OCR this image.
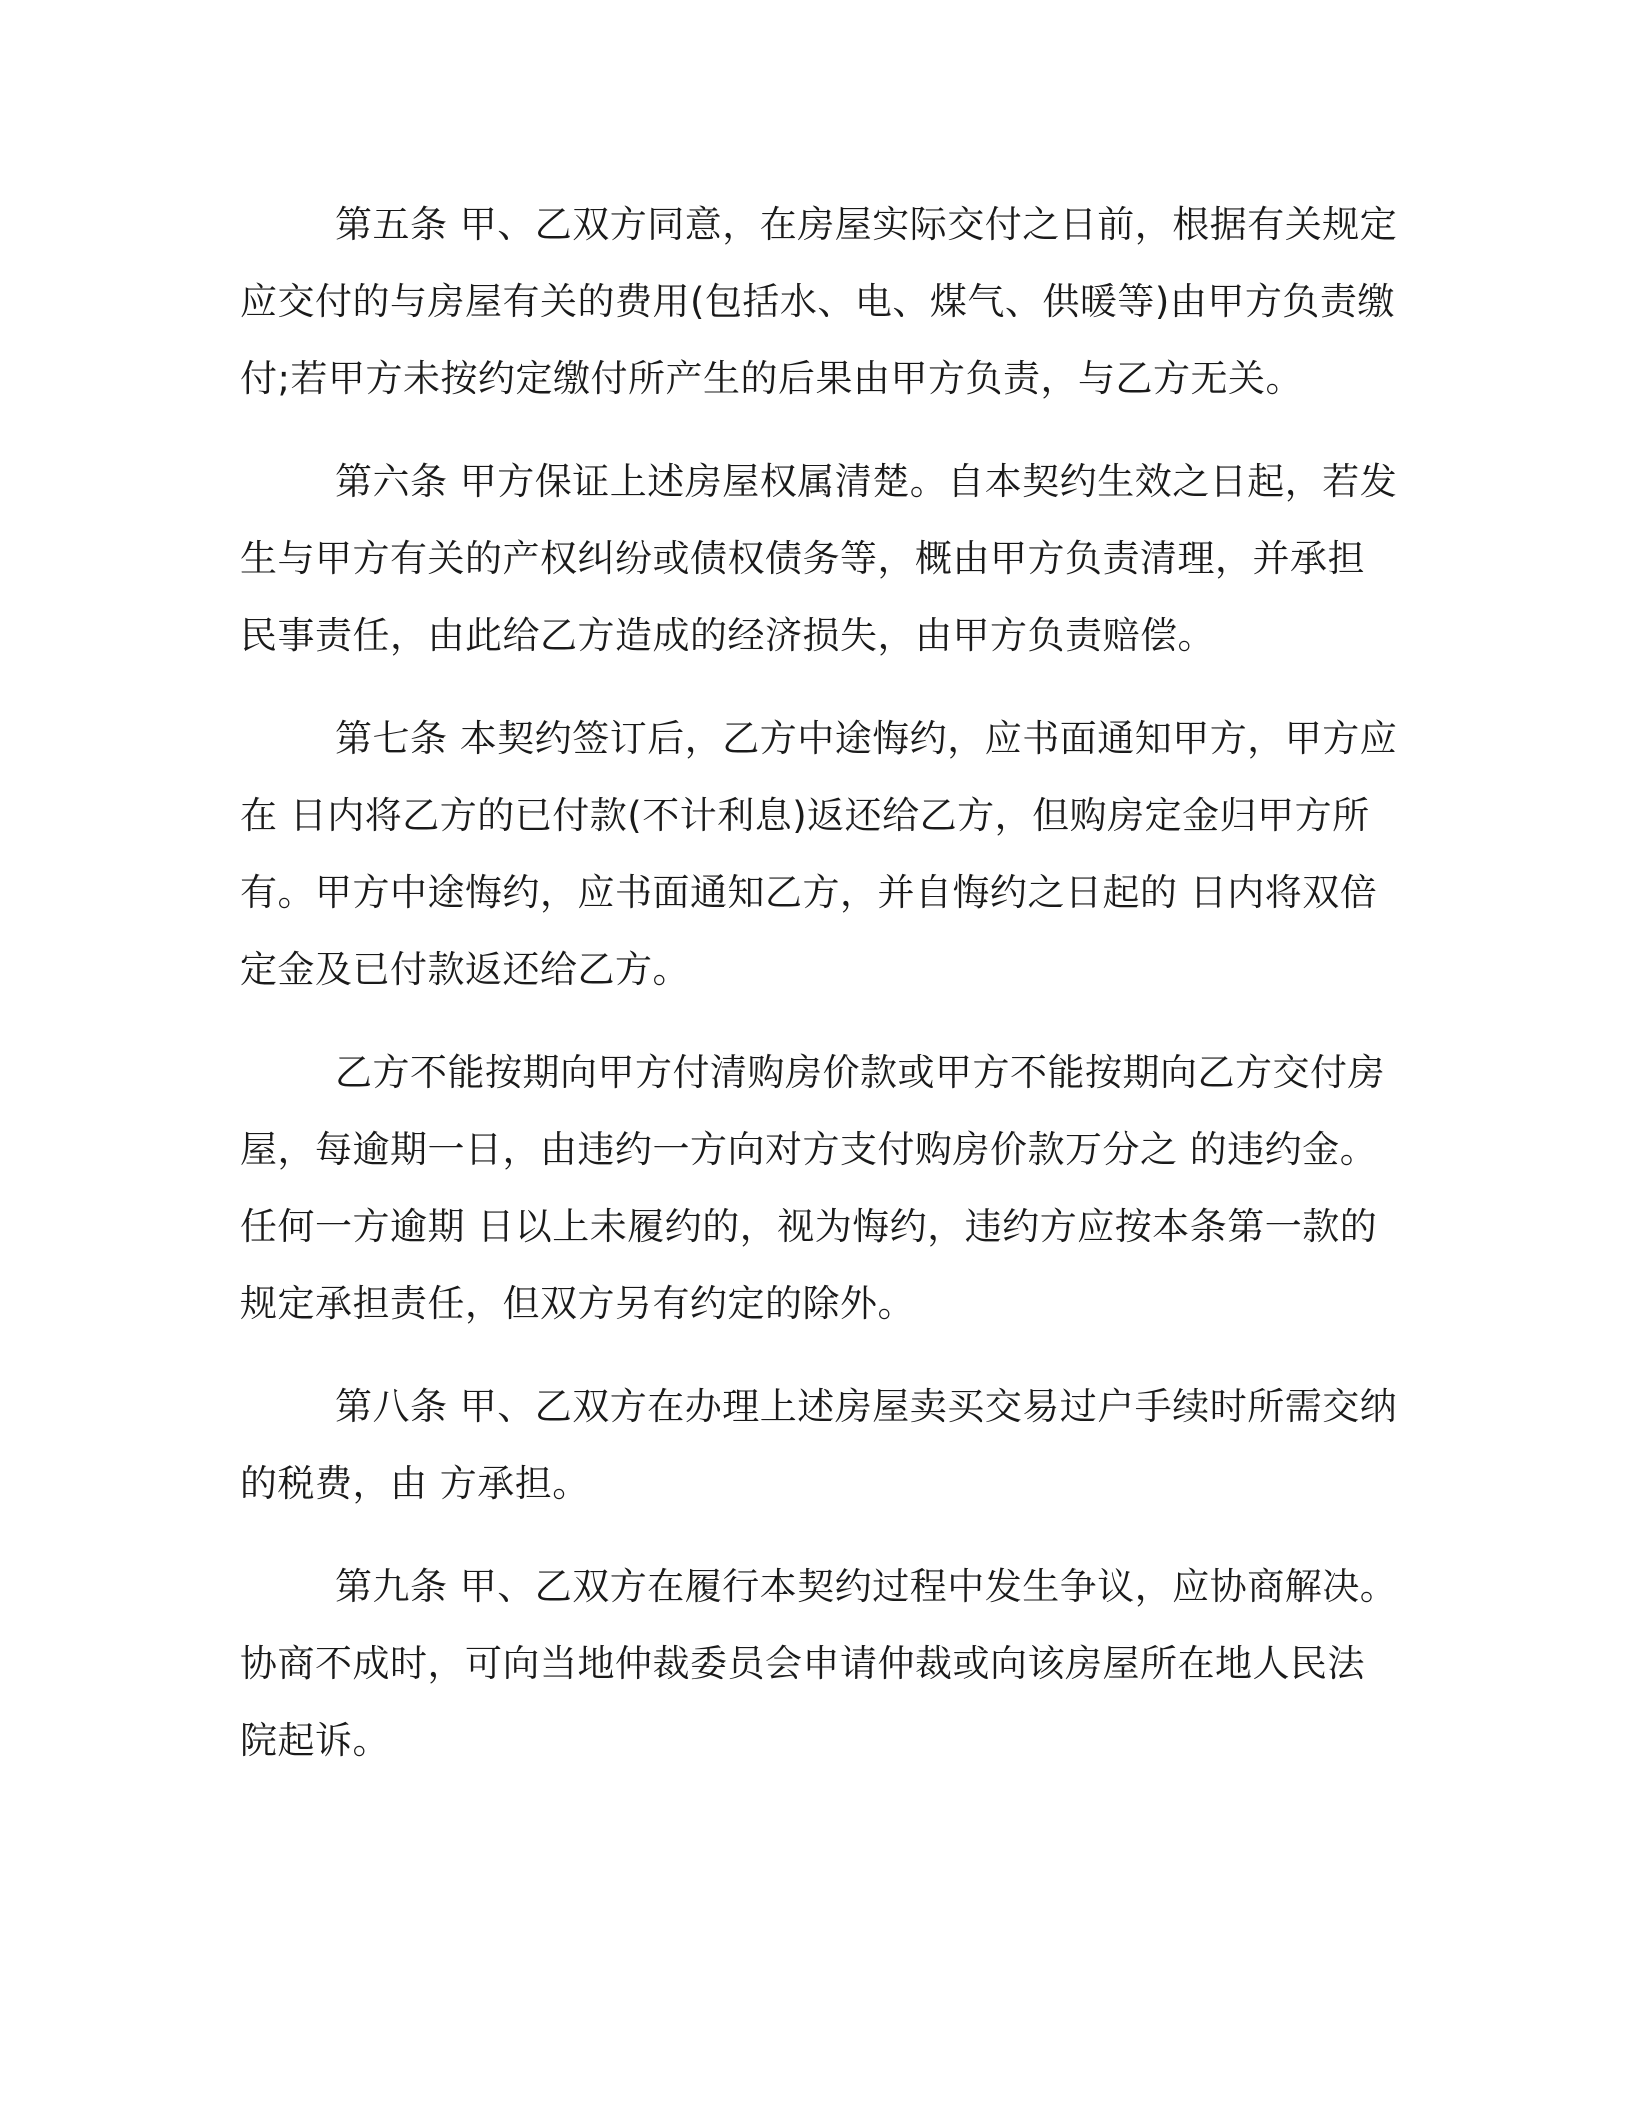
第五条 甲、乙双方同意，在房屋实际交付之日前，根据有关规定
应交付的与房屋有关的费用(包括水、电、煤气、供暖等)由甲方负责缴
付;若甲方未按约定缴付所产生的后果由甲方负责，与乙方无关。
第六条 甲方保证上述房屋权属清楚。自本契约生效之日起，若发
生与甲方有关的产权纠纷或债权债务等，概由甲方负责清理，并承担
民事责任，由此给乙方造成的经济损失，由甲方负责赔偿。
第七条 本契约签订后，乙方中途悔约，应书面通知甲方，甲方应
在 日内将乙方的已付款(不计利息)返还给乙方，但购房定金归甲方所
有。甲方中途悔约，应书面通知乙方，并自悔约之日起的 日内将双倍
定金及已付款返还给乙方。
乙方不能按期向甲方付清购房价款或甲方不能按期向乙方交付房
屋，每逾期一日，由违约一方向对方支付购房价款万分之 的违约金。
任何一方逾期 日以上未履约的，视为悔约，违约方应按本条第一款的
规定承担责任，但双方另有约定的除外。
第八条 甲、乙双方在办理上述房屋卖买交易过户手续时所需交纳
的税费，由 方承担。
第九条 甲、乙双方在履行本契约过程中发生争议，应协商解决。
协商不成时，可向当地仲裁委员会申请仲裁或向该房屋所在地人民法
院起诉。
